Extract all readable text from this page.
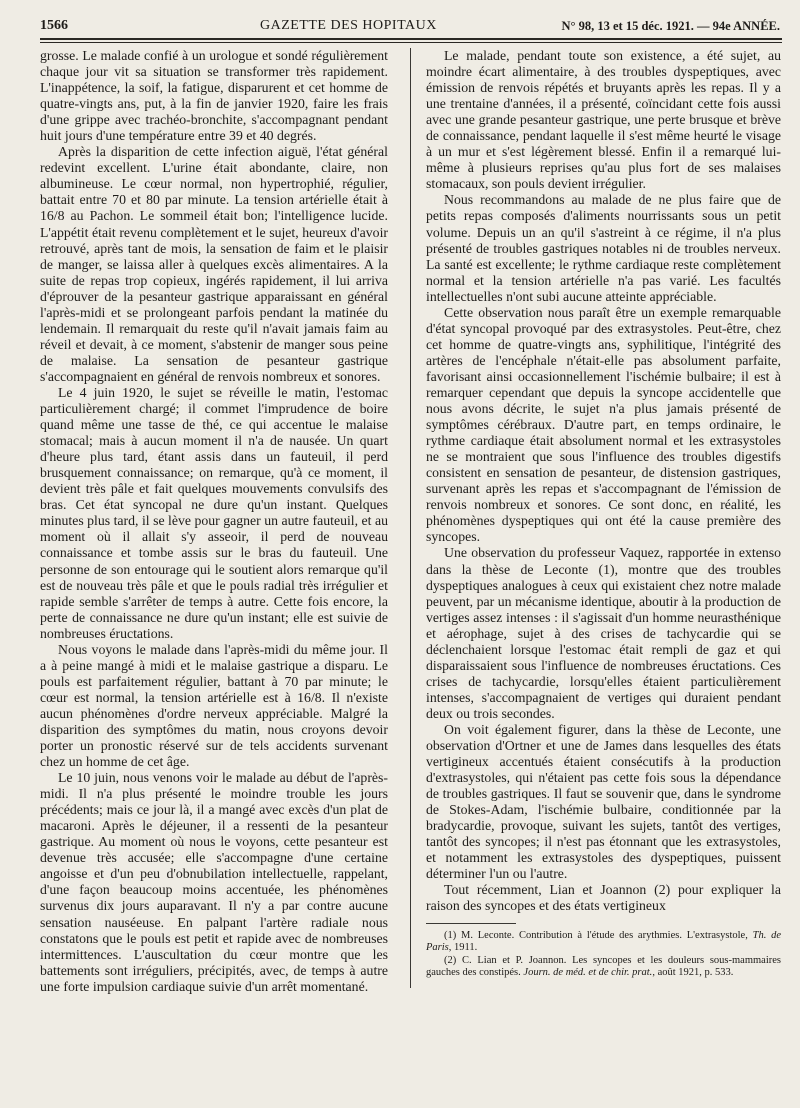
1566	GAZETTE DES HOPITAUX	N° 98, 13 et 15 déc. 1921. — 94e ANNÉE.

grosse. Le malade confié à un urologue et sondé régulièrement chaque jour vit sa situation se transformer très rapidement. L'inappétence, la soif, la fatigue, disparurent et cet homme de quatre-vingts ans, put, à la fin de janvier 1920, faire les frais d'une grippe avec trachéo-bronchite, s'accompagnant pendant huit jours d'une température entre 39 et 40 degrés.

Après la disparition de cette infection aiguë, l'état général redevint excellent. L'urine était abondante, claire, non albumineuse. Le cœur normal, non hypertrophié, régulier, battait entre 70 et 80 par minute. La tension artérielle était à 16/8 au Pachon. Le sommeil était bon; l'intelligence lucide. L'appétit était revenu complètement et le sujet, heureux d'avoir retrouvé, après tant de mois, la sensation de faim et le plaisir de manger, se laissa aller à quelques excès alimentaires. A la suite de repas trop copieux, ingérés rapidement, il lui arriva d'éprouver de la pesanteur gastrique apparaissant en général l'après-midi et se prolongeant parfois pendant la matinée du lendemain. Il remarquait du reste qu'il n'avait jamais faim au réveil et devait, à ce moment, s'abstenir de manger sous peine de malaise. La sensation de pesanteur gastrique s'accompagnaient en général de renvois nombreux et sonores.

Le 4 juin 1920, le sujet se réveille le matin, l'estomac particulièrement chargé; il commet l'imprudence de boire quand même une tasse de thé, ce qui accentue le malaise stomacal; mais à aucun moment il n'a de nausée. Un quart d'heure plus tard, étant assis dans un fauteuil, il perd brusquement connaissance; on remarque, qu'à ce moment, il devient très pâle et fait quelques mouvements convulsifs des bras. Cet état syncopal ne dure qu'un instant. Quelques minutes plus tard, il se lève pour gagner un autre fauteuil, et au moment où il allait s'y asseoir, il perd de nouveau connaissance et tombe assis sur le bras du fauteuil. Une personne de son entourage qui le soutient alors remarque qu'il est de nouveau très pâle et que le pouls radial très irrégulier et rapide semble s'arrêter de temps à autre. Cette fois encore, la perte de connaissance ne dure qu'un instant; elle est suivie de nombreuses éructations.

Nous voyons le malade dans l'après-midi du même jour. Il a à peine mangé à midi et le malaise gastrique a disparu. Le pouls est parfaitement régulier, battant à 70 par minute; le cœur est normal, la tension artérielle est à 16/8. Il n'existe aucun phénomènes d'ordre nerveux appréciable. Malgré la disparition des symptômes du matin, nous croyons devoir porter un pronostic réservé sur de tels accidents survenant chez un homme de cet âge.

Le 10 juin, nous venons voir le malade au début de l'après-midi. Il n'a plus présenté le moindre trouble les jours précédents; mais ce jour là, il a mangé avec excès d'un plat de macaroni. Après le déjeuner, il a ressenti de la pesanteur gastrique. Au moment où nous le voyons, cette pesanteur est devenue très accusée; elle s'accompagne d'une certaine angoisse et d'un peu d'obnubilation intellectuelle, rappelant, d'une façon beaucoup moins accentuée, les phénomènes survenus dix jours auparavant. Il n'y a par contre aucune sensation nauséeuse. En palpant l'artère radiale nous constatons que le pouls est petit et rapide avec de nombreuses intermittences. L'auscultation du cœur montre que les battements sont irréguliers, précipités, avec, de temps à autre une forte impulsion cardiaque suivie d'un arrêt momentané.

Le malade, pendant toute son existence, a été sujet, au moindre écart alimentaire, à des troubles dyspeptiques, avec émission de renvois répétés et bruyants après les repas. Il y a une trentaine d'années, il a présenté, coïncidant cette fois aussi avec une grande pesanteur gastrique, une perte brusque et brève de connaissance, pendant laquelle il s'est même heurté le visage à un mur et s'est légèrement blessé. Enfin il a remarqué lui-même à plusieurs reprises qu'au plus fort de ses malaises stomacaux, son pouls devient irrégulier.

Nous recommandons au malade de ne plus faire que de petits repas composés d'aliments nourrissants sous un petit volume. Depuis un an qu'il s'astreint à ce régime, il n'a plus présenté de troubles gastriques notables ni de troubles nerveux. La santé est excellente; le rythme cardiaque reste complètement normal et la tension artérielle n'a pas varié. Les facultés intellectuelles n'ont subi aucune atteinte appréciable.

Cette observation nous paraît être un exemple remarquable d'état syncopal provoqué par des extrasystoles. Peut-être, chez cet homme de quatre-vingts ans, syphilitique, l'intégrité des artères de l'encéphale n'était-elle pas absolument parfaite, favorisant ainsi occasionnellement l'ischémie bulbaire; il est à remarquer cependant que depuis la syncope accidentelle que nous avons décrite, le sujet n'a plus jamais présenté de symptômes cérébraux. D'autre part, en temps ordinaire, le rythme cardiaque était absolument normal et les extrasystoles ne se montraient que sous l'influence des troubles digestifs consistent en sensation de pesanteur, de distension gastriques, survenant après les repas et s'accompagnant de l'émission de renvois nombreux et sonores. Ce sont donc, en réalité, les phénomènes dyspeptiques qui ont été la cause première des syncopes.

Une observation du professeur Vaquez, rapportée in extenso dans la thèse de Leconte (1), montre que des troubles dyspeptiques analogues à ceux qui existaient chez notre malade peuvent, par un mécanisme identique, aboutir à la production de vertiges assez intenses : il s'agissait d'un homme neurasthénique et aérophage, sujet à des crises de tachycardie qui se déclenchaient lorsque l'estomac était rempli de gaz et qui disparaissaient sous l'influence de nombreuses éructations. Ces crises de tachycardie, lorsqu'elles étaient particulièrement intenses, s'accompagnaient de vertiges qui duraient pendant deux ou trois secondes.

On voit également figurer, dans la thèse de Leconte, une observation d'Ortner et une de James dans lesquelles des états vertigineux accentués étaient consécutifs à la production d'extrasystoles, qui n'étaient pas cette fois sous la dépendance de troubles gastriques. Il faut se souvenir que, dans le syndrome de Stokes-Adam, l'ischémie bulbaire, conditionnée par la bradycardie, provoque, suivant les sujets, tantôt des vertiges, tantôt des syncopes; il n'est pas étonnant que les extrasystoles, et notamment les extrasystoles des dyspeptiques, puissent déterminer l'un ou l'autre.

Tout récemment, Lian et Joannon (2) pour expliquer la raison des syncopes et des états vertigineux

(1) M. Leconte. Contribution à l'étude des arythmies. L'extrasystole, Th. de Paris, 1911.

(2) C. Lian et P. Joannon. Les syncopes et les douleurs sous-mammaires gauches des constipés. Journ. de méd. et de chir. prat., août 1921, p. 533.
